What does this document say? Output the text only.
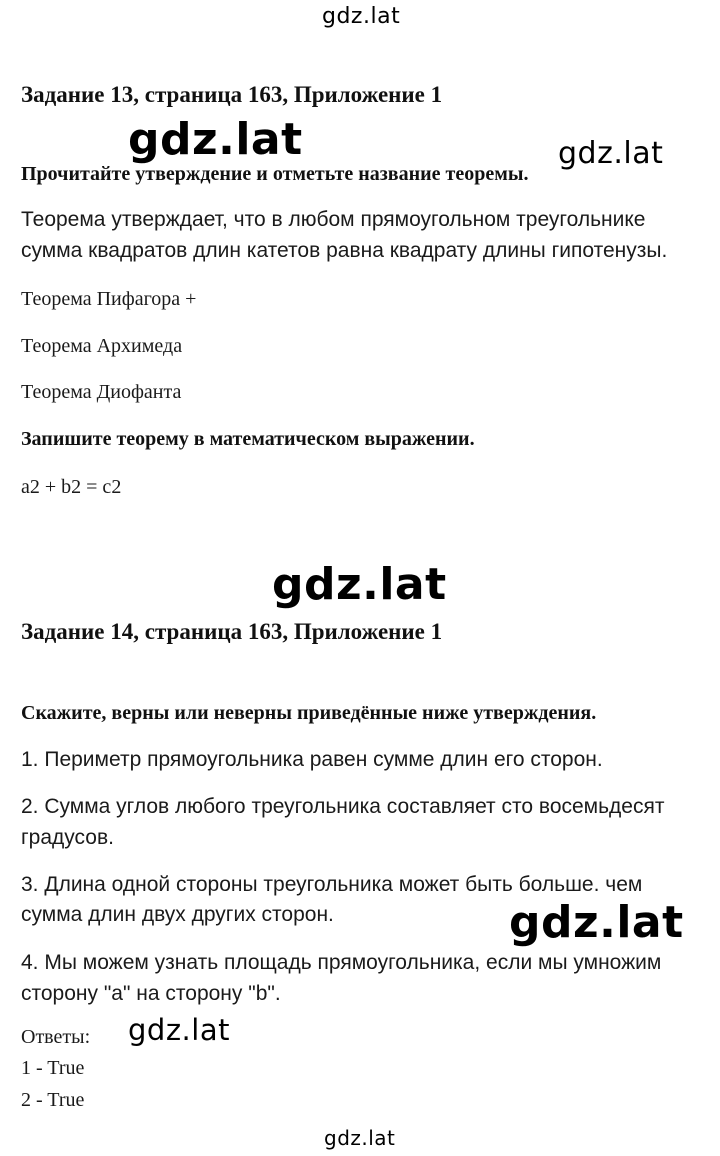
gdz.lat
gdz.lat	gdz.lat
gdz.lat
gdz.lat
gdz.lat
gdz.lat
Задание 13, страница 163, Приложение 1
Прочитайте утверждение и отметьте название теоремы.
Теорема утверждает, что в любом прямоугольном треугольнике
сумма квадратов длин катетов равна квадрату длины гипотенузы.
Теорема Пифагора +
Теорема Архимеда
Теорема Диофанта
Запишите теорему в математическом выражении.
a2 + b2 = c2
Задание 14, страница 163, Приложение 1
Скажите, верны или неверны приведённые ниже утверждения.
1. Периметр прямоугольника равен сумме длин его сторон.
2. Сумма углов любого треугольника составляет сто восемьдесят
градусов.
3. Длина одной стороны треугольника может быть больше. чем
сумма длин двух других сторон.
4. Мы можем узнать площадь прямоугольника, если мы умножим
сторону "a" на сторону "b".
Ответы:
1 - True
2 - True
